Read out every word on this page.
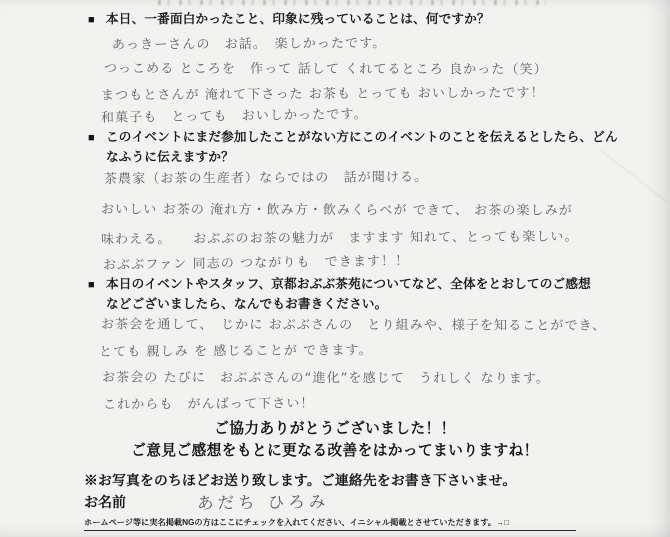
■ 本日、一番面白かったこと、印象に残っていることは、何ですか？
あっきーさんの　お話。　楽しかったです。
つっこめる ところを　作って 話して くれてるところ 良かった（笑）
まつもとさんが 淹れて下さった お茶も とっても おいしかったです！
和菓子も　とっても　おいしかったです。
■ このイベントにまだ参加したことがない方にこのイベントのことを伝えるとしたら、どん
なふうに伝えますか？
茶農家（お茶の生産者）ならではの　話が聞ける。
おいしい お茶の 淹れ方・飲み方・飲みくらべが できて、 お茶の楽しみが
味わえる。　　おぶぶのお茶の魅力が　ますます 知れて、とっても楽しい。
おぶぶファン 同志の つながりも　できます！！
■ 本日のイベントやスタッフ、京都おぶぶ茶苑についてなど、全体をとおしてのご感想
などございましたら、なんでもお書きください。
お茶会を通して、　じかに おぶぶさんの　とり組みや、様子を知ることができ、
とても 親しみ を 感じることが できます。
お茶会の たびに　おぶぶさんの“進化”を感じて　うれしく なります。
これからも　がんばって下さい！
ご協力ありがとうございました！！
ご意見ご感想をもとに更なる改善をはかってまいりますね！
※お写真をのちほどお送り致します。ご連絡先をお書き下さいませ。
お名前	あだち ひろみ
ホームページ等に実名掲載NGの方はここにチェックを入れてください、イニシャル掲載とさせていただきます。→□
